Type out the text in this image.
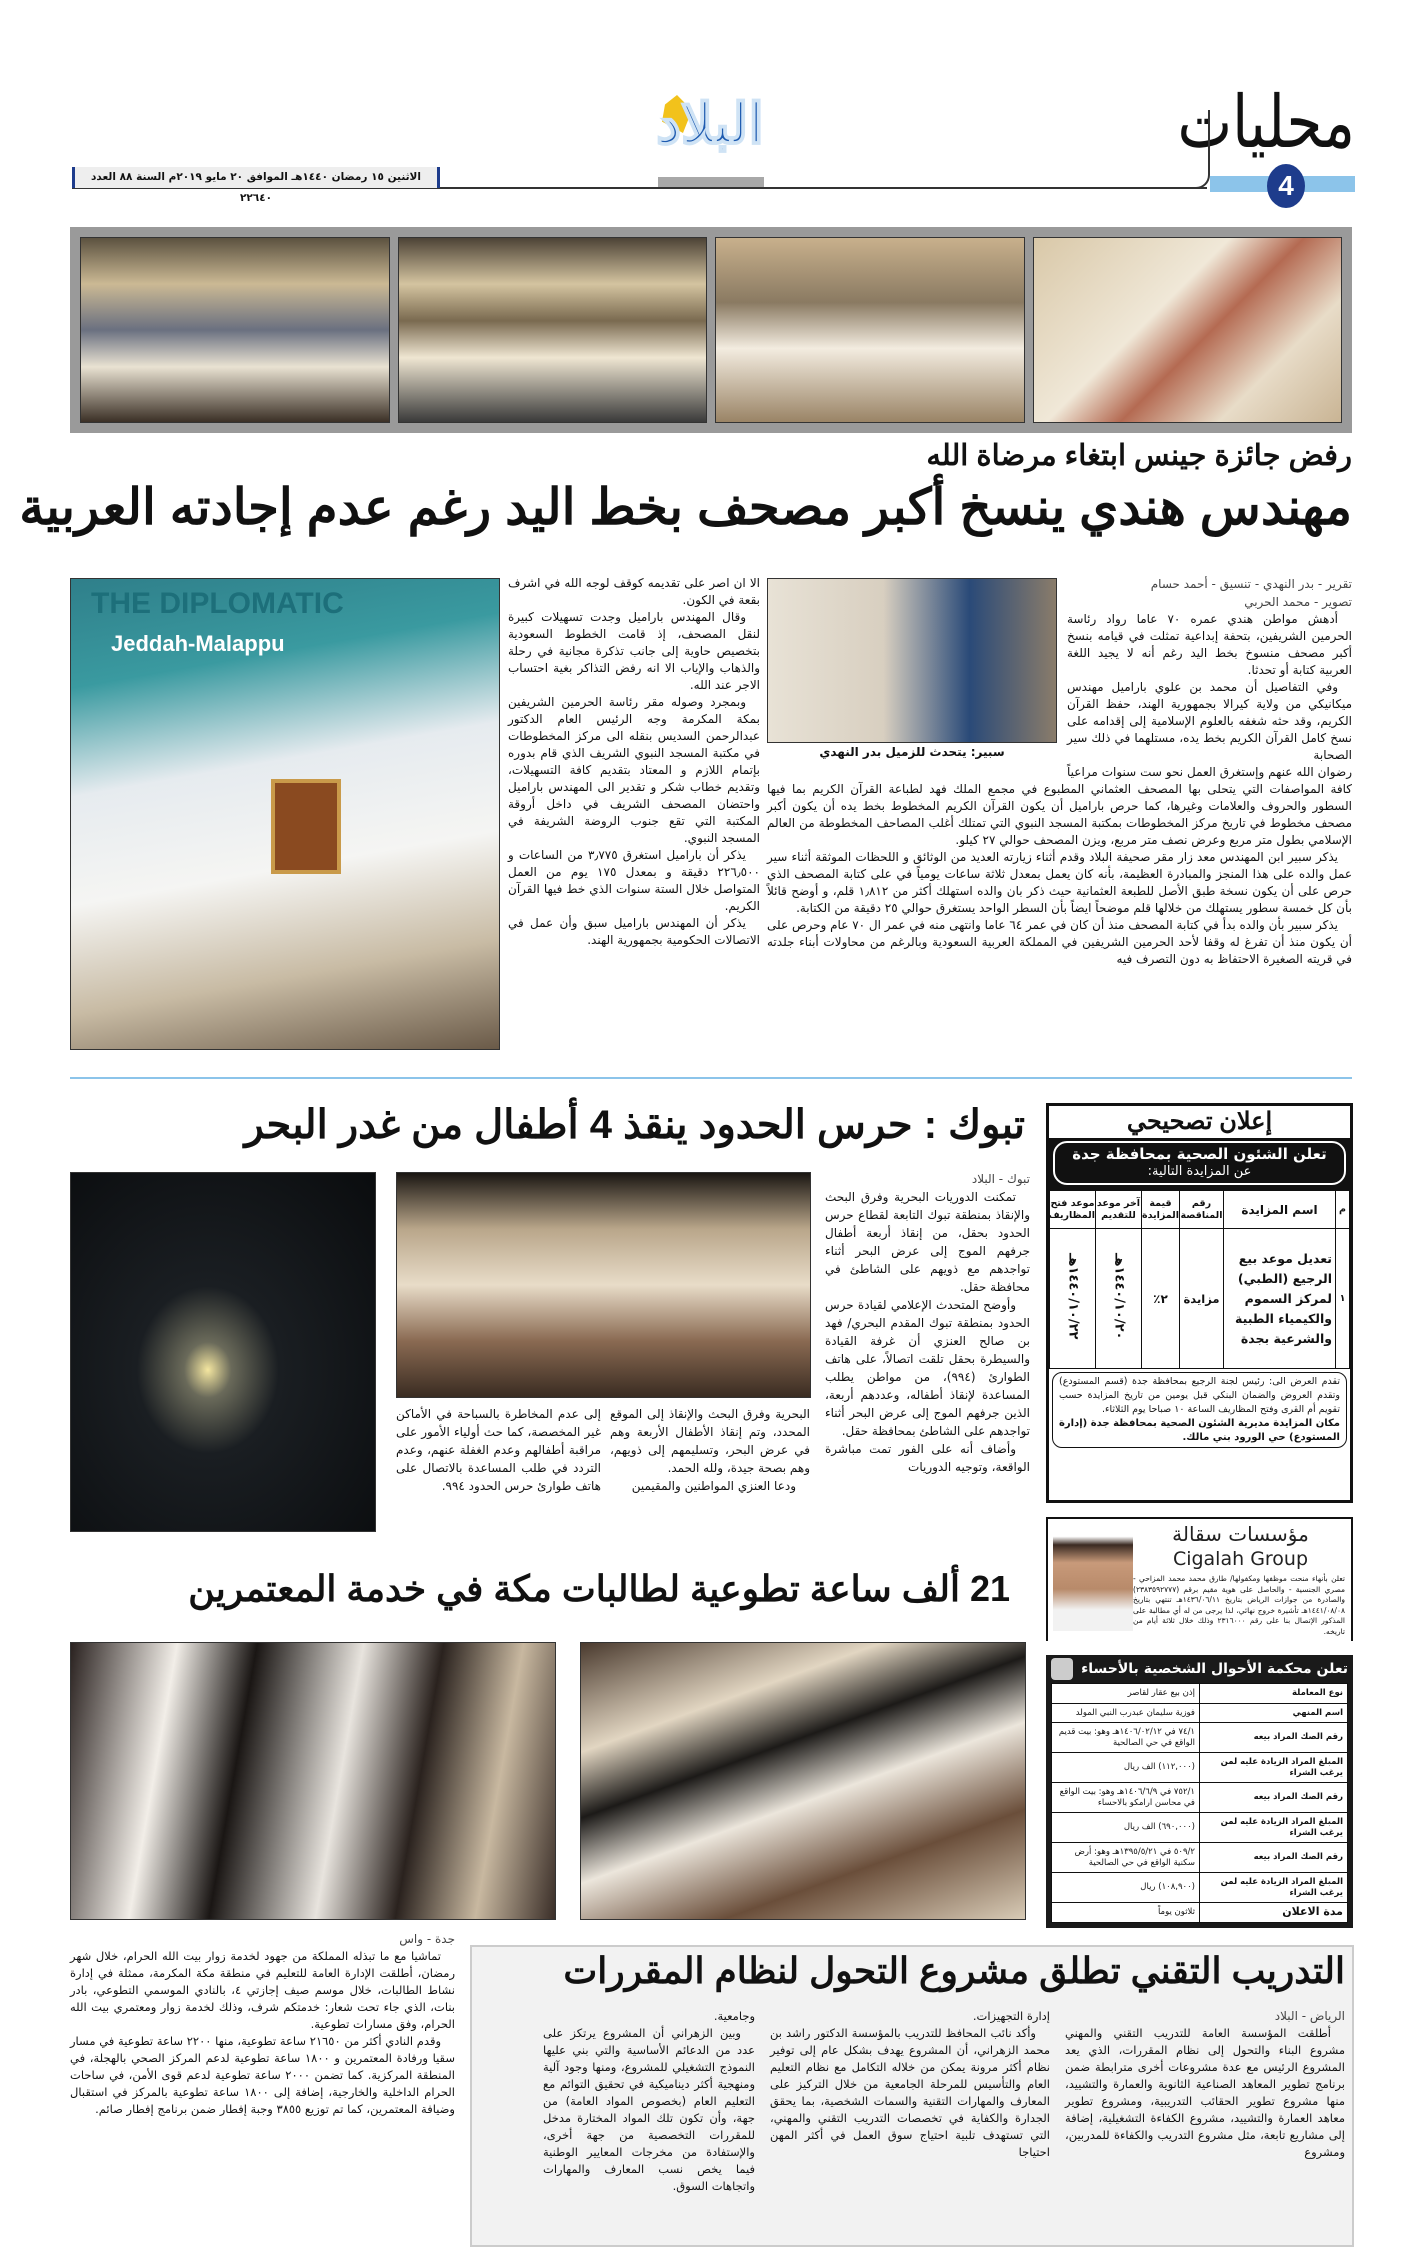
محليات
4
البلاد
الاثنين ١٥ رمضان ١٤٤٠هـ الموافق ٢٠ مايو ٢٠١٩م السنة ٨٨ العدد ٢٢٦٤٠
رفض جائزة جينس ابتغاء مرضاة الله
مهندس هندي ينسخ أكبر مصحف بخط اليد رغم عدم إجادته العربية
THE DIPLOMATIC
Jeddah-Malappu

الا ان اصر على تقديمه كوقف لوجه الله في اشرف بقعة في الكون.

وقال المهندس باراميل وجدت تسهيلات كبيرة لنقل المصحف، إذ قامت الخطوط السعودية بتخصيص حاوية إلى جانب تذكرة مجانية في رحلة والذهاب والإياب الا انه رفض التذاكر بغية احتساب الاجر عند الله.

وبمجرد وصوله مقر رئاسة الحرمين الشريفين بمكة المكرمة وجه الرئيس العام الدكتور عبدالرحمن السديس بنقله الى مركز المخطوطات في مكتبة المسجد النبوي الشريف الذي قام بدوره بإتمام اللازم و المعتاد بتقديم كافة التسهيلات، وتقديم خطاب شكر و تقدير الى المهندس باراميل واحتضان المصحف الشريف في داخل أروقة المكتبة التي تقع جنوب الروضة الشريفة في المسجد النبوي.

يذكر أن باراميل استغرق ٣٫٧٧٥ من الساعات و ٢٢٦٫٥٠٠ دقيقة و بمعدل ١٧٥ يوم من العمل المتواصل خلال الستة سنوات الذي خط فيها القرآن الكريم.

يذكر أن المهندس باراميل سبق وأن عمل في الاتصالات الحكومية بجمهورية الهند.

سبير: يتحدث للزميل بدر النهدي
تقرير - بدر النهدي - تنسيق - أحمد حسام
تصوير - محمد الحربي

أدهش مواطن هندي عمره ٧٠ عاما رواد رئاسة الحرمين الشريفين، بتحفة إبداعية تمثلت في قيامه بنسخ أكبر مصحف منسوخ بخط اليد رغم أنه لا يجيد اللغة العربية كتابة أو تحدثا.

وفي التفاصيل أن محمد بن علوي باراميل مهندس ميكانيكي من ولاية كيرالا بجمهورية الهند، حفظ القرآن الكريم، وقد حثه شغفه بالعلوم الإسلامية إلى إقدامه على نسخ كامل القرآن الكريم بخط يده، مستلهما في ذلك سير الصحابة

رضوان الله عنهم وإستغرق العمل نحو ست سنوات مراعياً كافة المواصفات التي يتحلى بها المصحف العثماني المطبوع في مجمع الملك فهد لطباعة القرآن الكريم بما فيها السطور والحروف والعلامات وغيرها، كما حرص باراميل أن يكون القرآن الكريم المخطوط بخط يده أن يكون أكبر مصحف مخطوط في تاريخ مركز المخطوطات بمكتبة المسجد النبوي التي تمتلك أغلب المصاحف المخطوطة من العالم الإسلامي بطول متر مربع وعرض نصف متر مربع، ويزن المصحف حوالي ٢٧ كيلو.

يذكر سبير ابن المهندس معد زار مقر صحيفة البلاد وقدم أثناء زيارته العديد من الوثائق و اللحظات الموثقة أثناء سير عمل والده على هذا المنجز والمبادرة العظيمة، بأنه كان يعمل بمعدل ثلاثة ساعات يومياً في على كتابة المصحف الذي حرص على أن يكون نسخة طبق الأصل للطبعة العثمانية حيث ذكر بان والده استهلك أكثر من ١٫٨١٢ قلم، و أوضح قائلاً بأن كل خمسة سطور يستهلك من خلالها قلم موضحاً ايضاً بأن السطر الواحد يستغرق حوالي ٢٥ دقيقة من الكتابة.

يذكر سبير بأن والده بدأ في كتابة المصحف منذ أن كان في عمر ٦٤ عاما وانتهى منه في عمر ال ٧٠ عام وحرص على أن يكون منذ أن تفرغ له وقفا لأحد الحرمين الشريفين في المملكة العربية السعودية وبالرغم من محاولات أبناء جلدته في قريته الصغيرة الاحتفاظ به دون التصرف فيه

تبوك : حرس الحدود ينقذ 4 أطفال من غدر البحر
تبوك - البلاد

تمكنت الدوريات البحرية وفرق البحث والإنقاذ بمنطقة تبوك التابعة لقطاع حرس الحدود بحقل، من إنقاذ أربعة أطفال جرفهم الموج إلى عرض البحر أثناء تواجدهم مع ذويهم على الشاطئ في محافظة حقل.

وأوضح المتحدث الإعلامي لقيادة حرس الحدود بمنطقة تبوك المقدم البحري/ فهد بن صالح العنزي أن غرفة القيادة والسيطرة بحقل تلقت اتصالاً، على هاتف الطوارئ (٩٩٤)، من مواطن يطلب المساعدة لإنقاذ أطفاله، وعددهم أربعة، الذين جرفهم الموج إلى عرض البحر أثناء تواجدهم على الشاطئ بمحافظة حقل.

وأضاف أنه على الفور تمت مباشرة الواقعة، وتوجيه الدوريات

البحرية وفرق البحث والإنقاذ إلى الموقع المحدد، وتم إنقاذ الأطفال الأربعة وهم في عرض البحر، وتسليمهم إلى ذويهم، وهم بصحة جيدة، ولله الحمد.

ودعا العنزي المواطنين والمقيمين

إلى عدم المخاطرة بالسباحة في الأماكن غير المخصصة، كما حث أولياء الأمور على مراقبة أطفالهم وعدم الغفلة عنهم، وعدم التردد في طلب المساعدة بالاتصال على هاتف طوارئ حرس الحدود ٩٩٤.

إعلان تصحيحي
تعلن الشئون الصحية بمحافظة جدة
عن المزايدة التالية:
م	اسم المزايدة	رقم المناقصة	قيمة المزايدة	آخر موعد للتقديم	موعد فتح المظاريف
١	تعديل موعد بيع الرجيع (الطبي) لمركز السموم والكيمياء الطبية والشرعية بجدة	مزايدة	٢٪	١٤٤٠/١٠/٢٠هـ	١٤٤٠/١٠/٢٢هـ
تقدم العرض الى: رئيس لجنة الرجيع بمحافظة جدة (قسم المستودع) وتقدم العروض والضمان البنكي قبل يومين من تاريخ المزايدة حسب تقويم أم القرى وفتح المظاريف الساعة ١٠ صباحا يوم الثلاثاء.
مكان المزايدة مديرية الشئون الصحية بمحافظة جدة (إدارة المستودع) حي الورود بني مالك.
مؤسسات سقالة
Cigalah Group
تعلن بأنهاء منحت موظفها ومكفولها/ طارق محمد محمد المزاحي - مصري الجنسية - والحاصل على هوية مقيم برقم (٢٣٨٣٥٩٢٧٧٧) والصادرة من جوازات الرياض بتاريخ ١٤٣٦/٠٦/١١هـ تنتهي بتاريخ ١٤٤١/٠٨/٠٨هـ تأشيرة خروج نهائي، لذا يرجى من له أي مطالبة على المذكور الإتصال بنا على رقم ٢٣١٦٠٠٠ وذلك خلال ثلاثة أيام من تاريخه.
21 ألف ساعة تطوعية لطالبات مكة في خدمة المعتمرين
جدة - واس

تماشيا مع ما تبذله المملكة من جهود لخدمة زوار بيت الله الحرام، خلال شهر رمضان، أطلقت الإدارة العامة للتعليم في منطقة مكة المكرمة، ممثلة في إدارة نشاط الطالبات، خلال موسم صيف إجازتي ٤، بالنادي الموسمي التطوعي، بادر بنات، الذي جاء تحت شعار: خدمتكم شرف، وذلك لخدمة زوار ومعتمري بيت الله الحرام، وفق مسارات تطوعية.

وقدم النادي أكثر من ٢١٦٥٠ ساعة تطوعية، منها ٢٢٠٠ ساعة تطوعية في مسار سقيا ورفادة المعتمرين و ١٨٠٠ ساعة تطوعية لدعم المركز الصحي بالهجلة، في المنطقة المركزية. كما تضمن ٢٠٠٠ ساعة تطوعية لدعم قوى الأمن، في ساحات الحرام الداخلية والخارجية، إضافة إلى ١٨٠٠ ساعة تطوعية بالمركز في استقبال وضيافة المعتمرين، كما تم توزيع ٣٨٥٥ وجبة إفطار ضمن برنامج إفطار صائم.

تعلن محكمة الأحوال الشخصية بالأحساء
نوع المعاملة	إذن بيع عقار لقاصر
اسم المنهي	فوزية سليمان عبدرب النبي المولد
رقم الصك المراد بيعه	٧٤/١ في ١٤٠٦/٠٢/١٢هـ وهو: بيت قديم الواقع في حي الصالحية
المبلغ المراد الزيادة عليه لمن يرغب الشراء	(١١٢,٠٠٠) الف ريال
رقم الصك المراد بيعه	٧٥٢/١ في ١٤٠٦/٦/٩هـ وهو: بيت الواقع في محاسن ارامكو بالاحساء
المبلغ المراد الزيادة عليه لمن يرغب الشراء	(٦٩٠,٠٠٠) الف ريال
رقم الصك المراد بيعه	٥٠٩/٢ في ١٣٩٥/٥/٢١هـ وهو: أرض سكنية الواقع في حي الصالحية
المبلغ المراد الزيادة عليه لمن يرغب الشراء	(١٠٨,٩٠٠) ريال
مدة الاعلان	ثلاثون يوماً
التدريب التقني تطلق مشروع التحول لنظام المقررات
الرياض - البلاد

أطلقت المؤسسة العامة للتدريب التقني والمهني مشروع البناء والتحول إلى نظام المقررات، الذي يعد المشروع الرئيس مع عدة مشروعات أخرى مترابطة ضمن برنامج تطوير المعاهد الصناعية الثانوية والعمارة والتشييد، منها مشروع تطوير الحقائب التدريبية، ومشروع تطوير معاهد العمارة والتشييد، مشروع الكفاءة التشغيلية، إضافة إلى مشاريع تابعة، مثل مشروع التدريب والكفاءة للمدربين، ومشروع

إدارة التجهيزات.

وأكد نائب المحافظ للتدريب بالمؤسسة الدكتور راشد بن محمد الزهراني، أن المشروع يهدف بشكل عام إلى توفير نظام أكثر مرونة يمكن من خلاله التكامل مع نظام التعليم العام والتأسيس للمرحلة الجامعية من خلال التركيز على المعارف والمهارات التقنية والسمات الشخصية، بما يحقق الجدارة والكفاية في تخصصات التدريب التقني والمهني، التي تستهدف تلبية احتياج سوق العمل في أكثر المهن احتياجا

وجامعية.

وبين الزهراني أن المشروع يرتكز على عدد من الدعائم الأساسية والتي بني عليها النموذج التشغيلي للمشروع، ومنها وجود آلية ومنهجية أكثر ديناميكية في تحقيق التوائم مع التعليم العام (بخصوص المواد العامة) من جهة، وأن تكون تلك المواد المختارة مدخل للمقررات التخصصية من جهة أخرى، والإستفادة من مخرجات المعايير الوطنية فيما يخص نسب المعارف والمهارات واتجاهات السوق.
